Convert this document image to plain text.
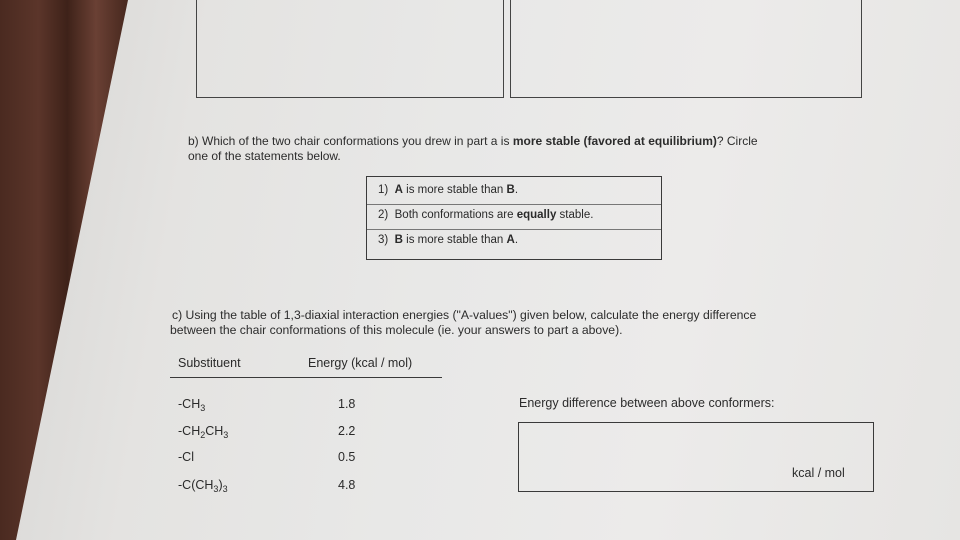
b) Which of the two chair conformations you drew in part a is more stable (favored at equilibrium)? Circle
one of the statements below.
1) A is more stable than B.
2) Both conformations are equally stable.
3) B is more stable than A.
c) Using the table of 1,3-diaxial interaction energies ("A-values") given below, calculate the energy difference
between the chair conformations of this molecule (ie. your answers to part a above).
Substituent	Energy (kcal / mol)
$-CH_3$	1.8
$-CH_2CH_3$	2.2
-Cl	0.5
$-C(CH_3)_3$	4.8
Energy difference between above conformers:
kcal / mol
